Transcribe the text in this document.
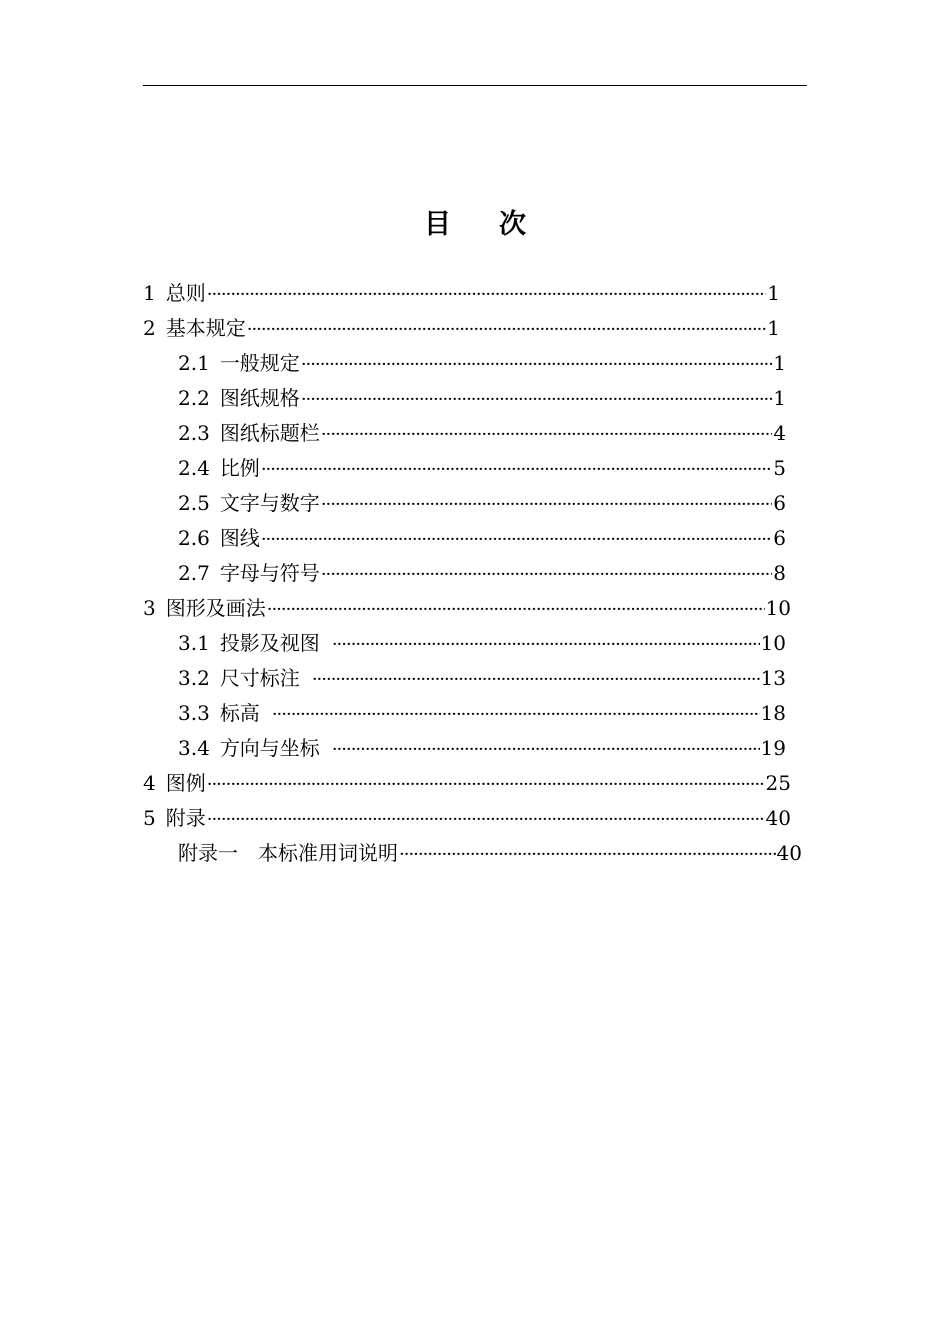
目 次
1 总则 ·····	1
2 基本规定 ·····	1
2.1 一般规定 ·····	1
2.2 图纸规格 ·····	1
2.3 图纸标题栏 ·····	4
2.4 比例 ·····	5
2.5 文字与数字 ·····	6
2.6 图线 ·····	6
2.7 字母与符号 ·····	8
3 图形及画法 ·····	10
3.1 投影及视图 ·····	10
3.2 尺寸标注 ·····	13
3.3 标高 ·····	18
3.4 方向与坐标 ·····	19
4 图例 ·····	25
5 附录 ·····	40
附录一　本标准用词说明 ·····	40
